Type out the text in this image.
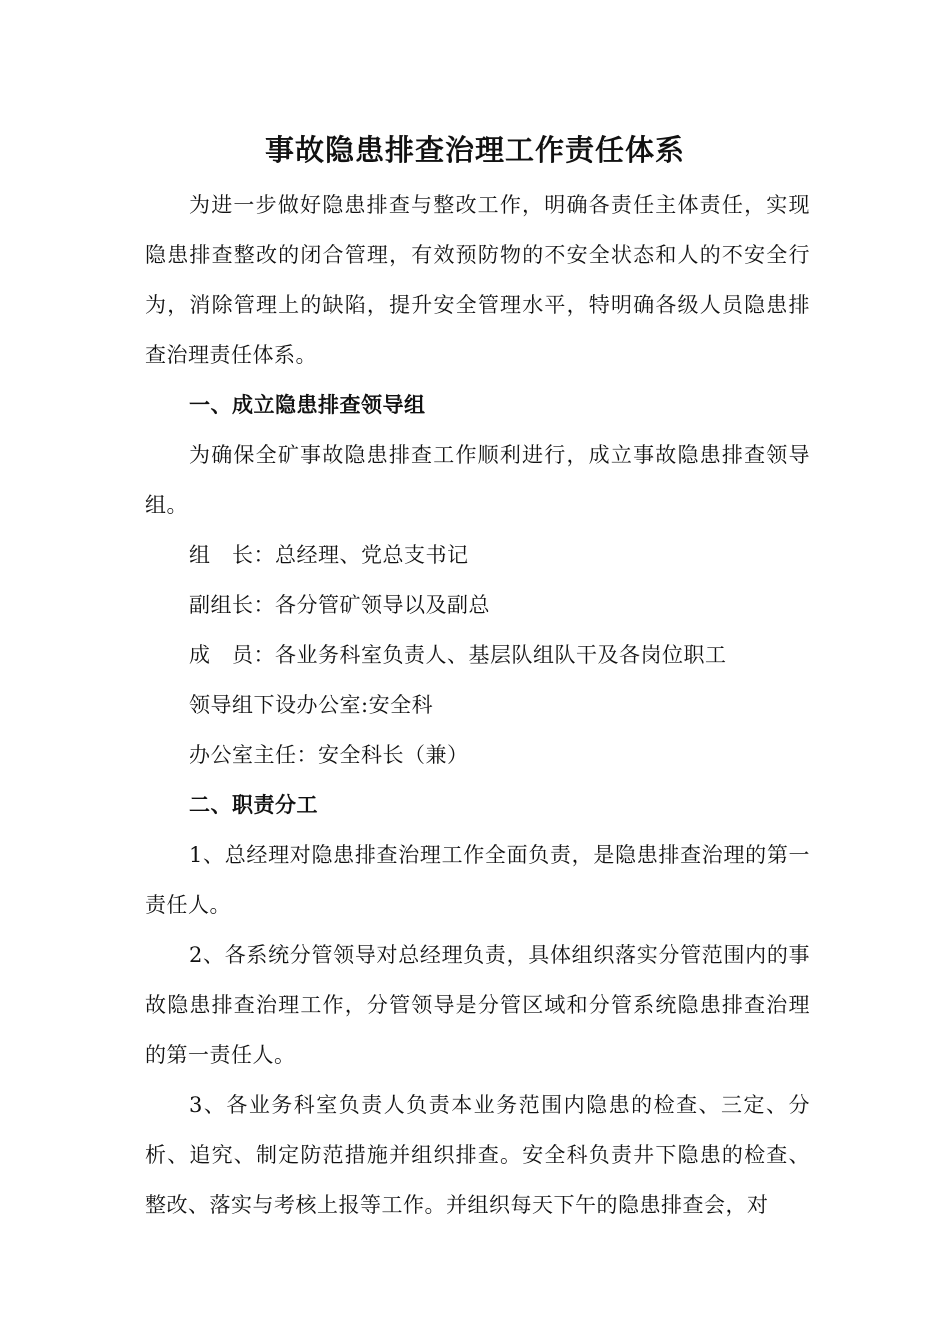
事故隐患排查治理工作责任体系

为进一步做好隐患排查与整改工作，明确各责任主体责任，实现隐患排查整改的闭合管理，有效预防物的不安全状态和人的不安全行为，消除管理上的缺陷，提升安全管理水平，特明确各级人员隐患排查治理责任体系。

一、成立隐患排查领导组

为确保全矿事故隐患排查工作顺利进行，成立事故隐患排查领导组。

组　长：总经理、党总支书记

副组长：各分管矿领导以及副总

成　员：各业务科室负责人、基层队组队干及各岗位职工

领导组下设办公室:安全科

办公室主任：安全科长（兼）

二、职责分工

1、总经理对隐患排查治理工作全面负责，是隐患排查治理的第一责任人。

2、各系统分管领导对总经理负责，具体组织落实分管范围内的事故隐患排查治理工作，分管领导是分管区域和分管系统隐患排查治理的第一责任人。

3、各业务科室负责人负责本业务范围内隐患的检查、三定、分析、追究、制定防范措施并组织排查。安全科负责井下隐患的检查、整改、落实与考核上报等工作。并组织每天下午的隐患排查会，对
